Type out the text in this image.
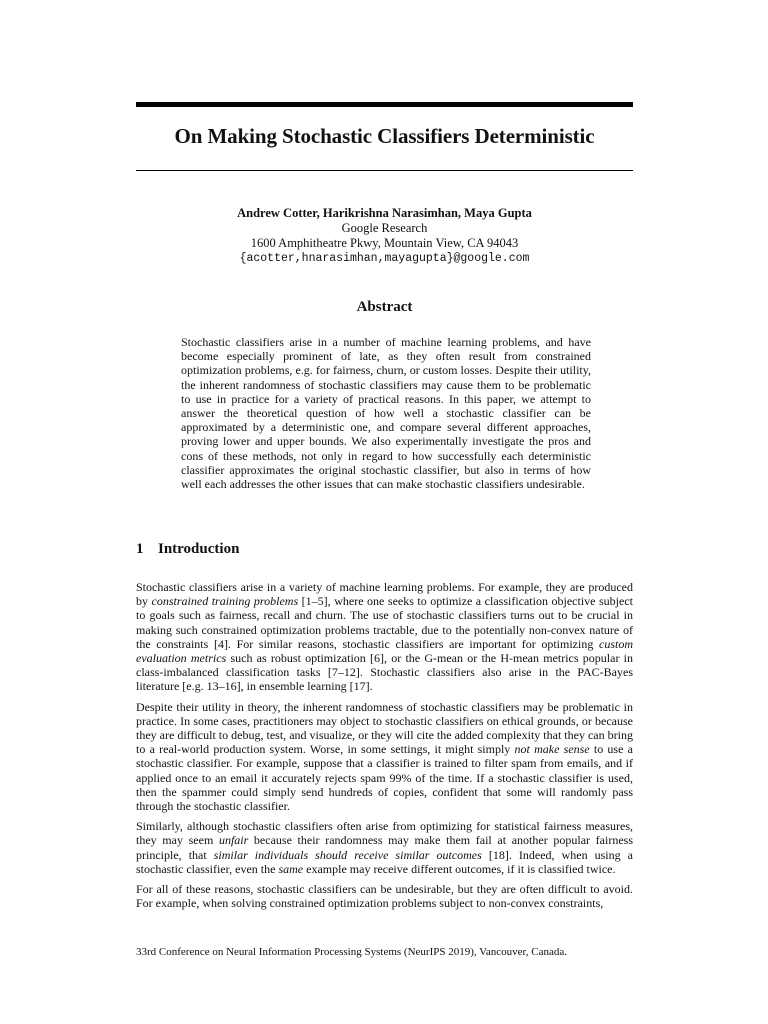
On Making Stochastic Classifiers Deterministic
Andrew Cotter, Harikrishna Narasimhan, Maya Gupta
Google Research
1600 Amphitheatre Pkwy, Mountain View, CA 94043
{acotter,hnarasimhan,mayagupta}@google.com
Abstract
Stochastic classifiers arise in a number of machine learning problems, and have become especially prominent of late, as they often result from constrained optimization problems, e.g. for fairness, churn, or custom losses. Despite their utility, the inherent randomness of stochastic classifiers may cause them to be problematic to use in practice for a variety of practical reasons. In this paper, we attempt to answer the theoretical question of how well a stochastic classifier can be approximated by a deterministic one, and compare several different approaches, proving lower and upper bounds. We also experimentally investigate the pros and cons of these methods, not only in regard to how successfully each deterministic classifier approximates the original stochastic classifier, but also in terms of how well each addresses the other issues that can make stochastic classifiers undesirable.
1 Introduction

Stochastic classifiers arise in a variety of machine learning problems. For example, they are produced by constrained training problems [1–5], where one seeks to optimize a classification objective subject to goals such as fairness, recall and churn. The use of stochastic classifiers turns out to be crucial in making such constrained optimization problems tractable, due to the potentially non-convex nature of the constraints [4]. For similar reasons, stochastic classifiers are important for optimizing custom evaluation metrics such as robust optimization [6], or the G-mean or the H-mean metrics popular in class-imbalanced classification tasks [7–12]. Stochastic classifiers also arise in the PAC-Bayes literature [e.g. 13–16], in ensemble learning [17].

Despite their utility in theory, the inherent randomness of stochastic classifiers may be problematic in practice. In some cases, practitioners may object to stochastic classifiers on ethical grounds, or because they are difficult to debug, test, and visualize, or they will cite the added complexity that they can bring to a real-world production system. Worse, in some settings, it might simply not make sense to use a stochastic classifier. For example, suppose that a classifier is trained to filter spam from emails, and if applied once to an email it accurately rejects spam 99% of the time. If a stochastic classifier is used, then the spammer could simply send hundreds of copies, confident that some will randomly pass through the stochastic classifier.

Similarly, although stochastic classifiers often arise from optimizing for statistical fairness measures, they may seem unfair because their randomness may make them fail at another popular fairness principle, that similar individuals should receive similar outcomes [18]. Indeed, when using a stochastic classifier, even the same example may receive different outcomes, if it is classified twice.

For all of these reasons, stochastic classifiers can be undesirable, but they are often difficult to avoid. For example, when solving constrained optimization problems subject to non-convex constraints,

33rd Conference on Neural Information Processing Systems (NeurIPS 2019), Vancouver, Canada.
